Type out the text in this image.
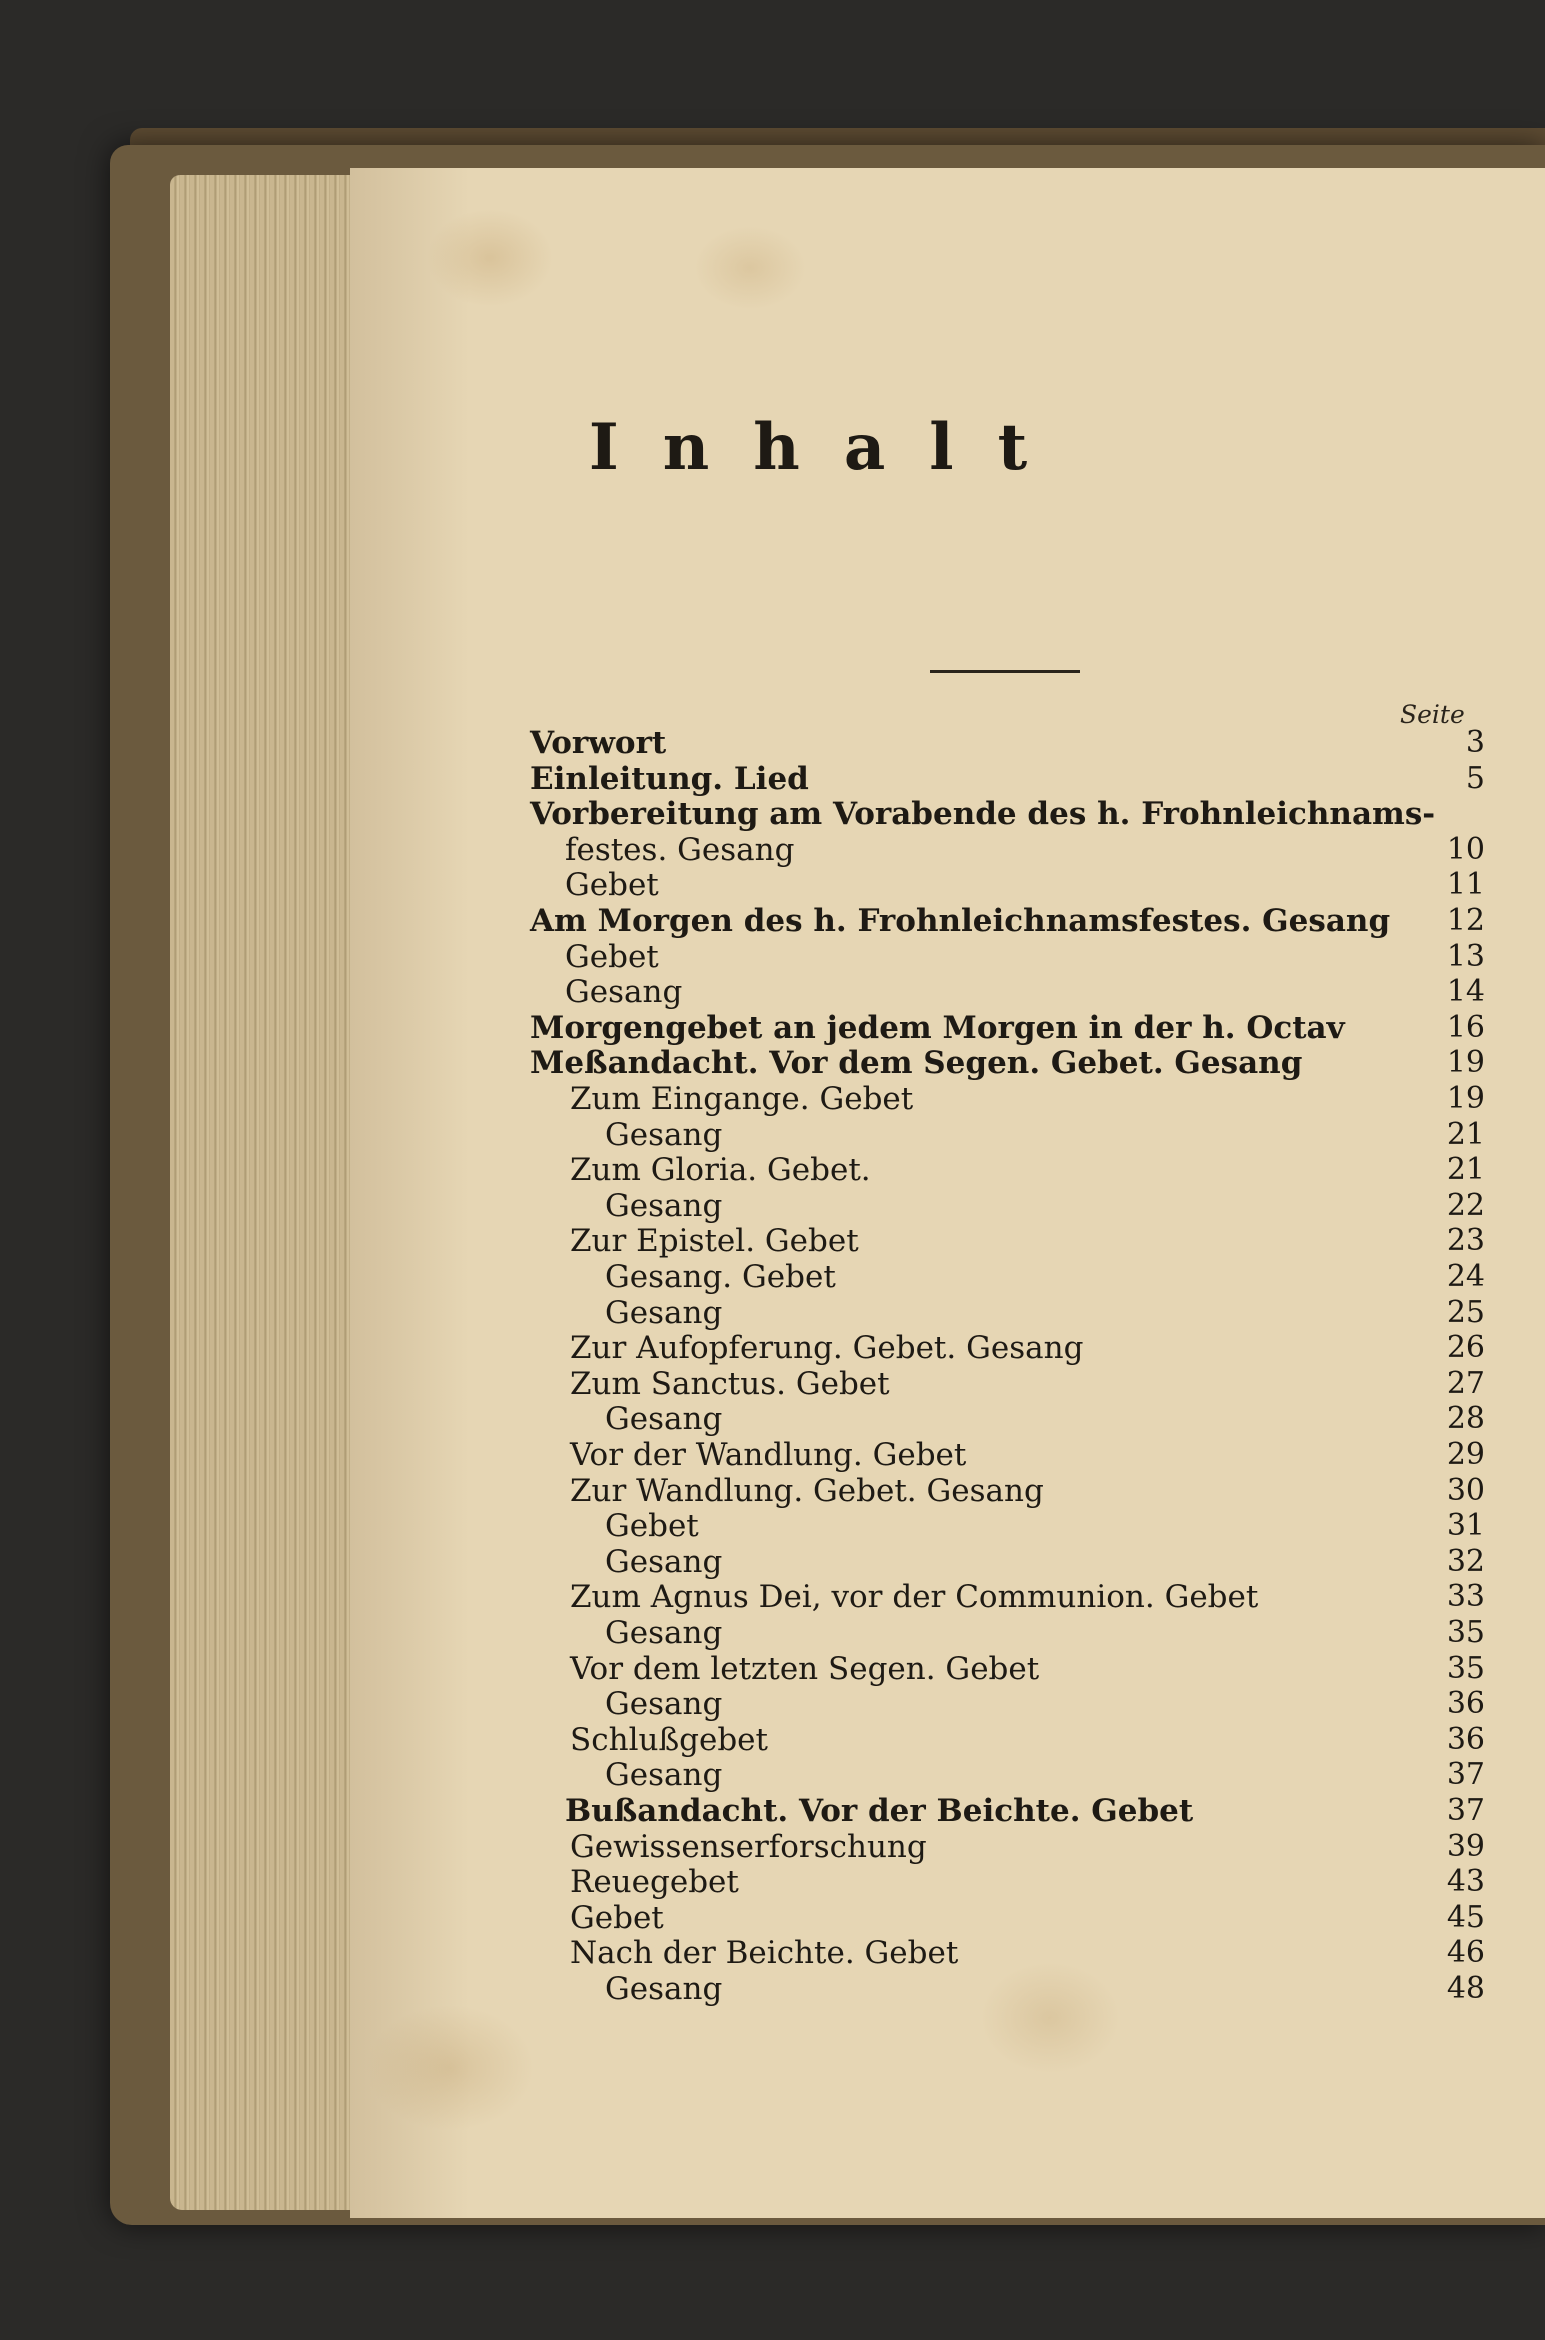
Inhalt
Seite
Vorwort	3
Einleitung. Lied	5
Vorbereitung am Vorabende des h. Frohnleichnams-
festes. Gesang	10
Gebet	11
Am Morgen des h. Frohnleichnamsfestes. Gesang	12
Gebet	13
Gesang	14
Morgengebet an jedem Morgen in der h. Octav	16
Meßandacht. Vor dem Segen. Gebet. Gesang	19
Zum Eingange. Gebet	19
Gesang	21
Zum Gloria. Gebet.	21
Gesang	22
Zur Epistel. Gebet	23
Gesang. Gebet	24
Gesang	25
Zur Aufopferung. Gebet. Gesang	26
Zum Sanctus. Gebet	27
Gesang	28
Vor der Wandlung. Gebet	29
Zur Wandlung. Gebet. Gesang	30
Gebet	31
Gesang	32
Zum Agnus Dei, vor der Communion. Gebet	33
Gesang	35
Vor dem letzten Segen. Gebet	35
Gesang	36
Schlußgebet	36
Gesang	37
Bußandacht. Vor der Beichte. Gebet	37
Gewissenserforschung	39
Reuegebet	43
Gebet	45
Nach der Beichte. Gebet	46
Gesang	48
